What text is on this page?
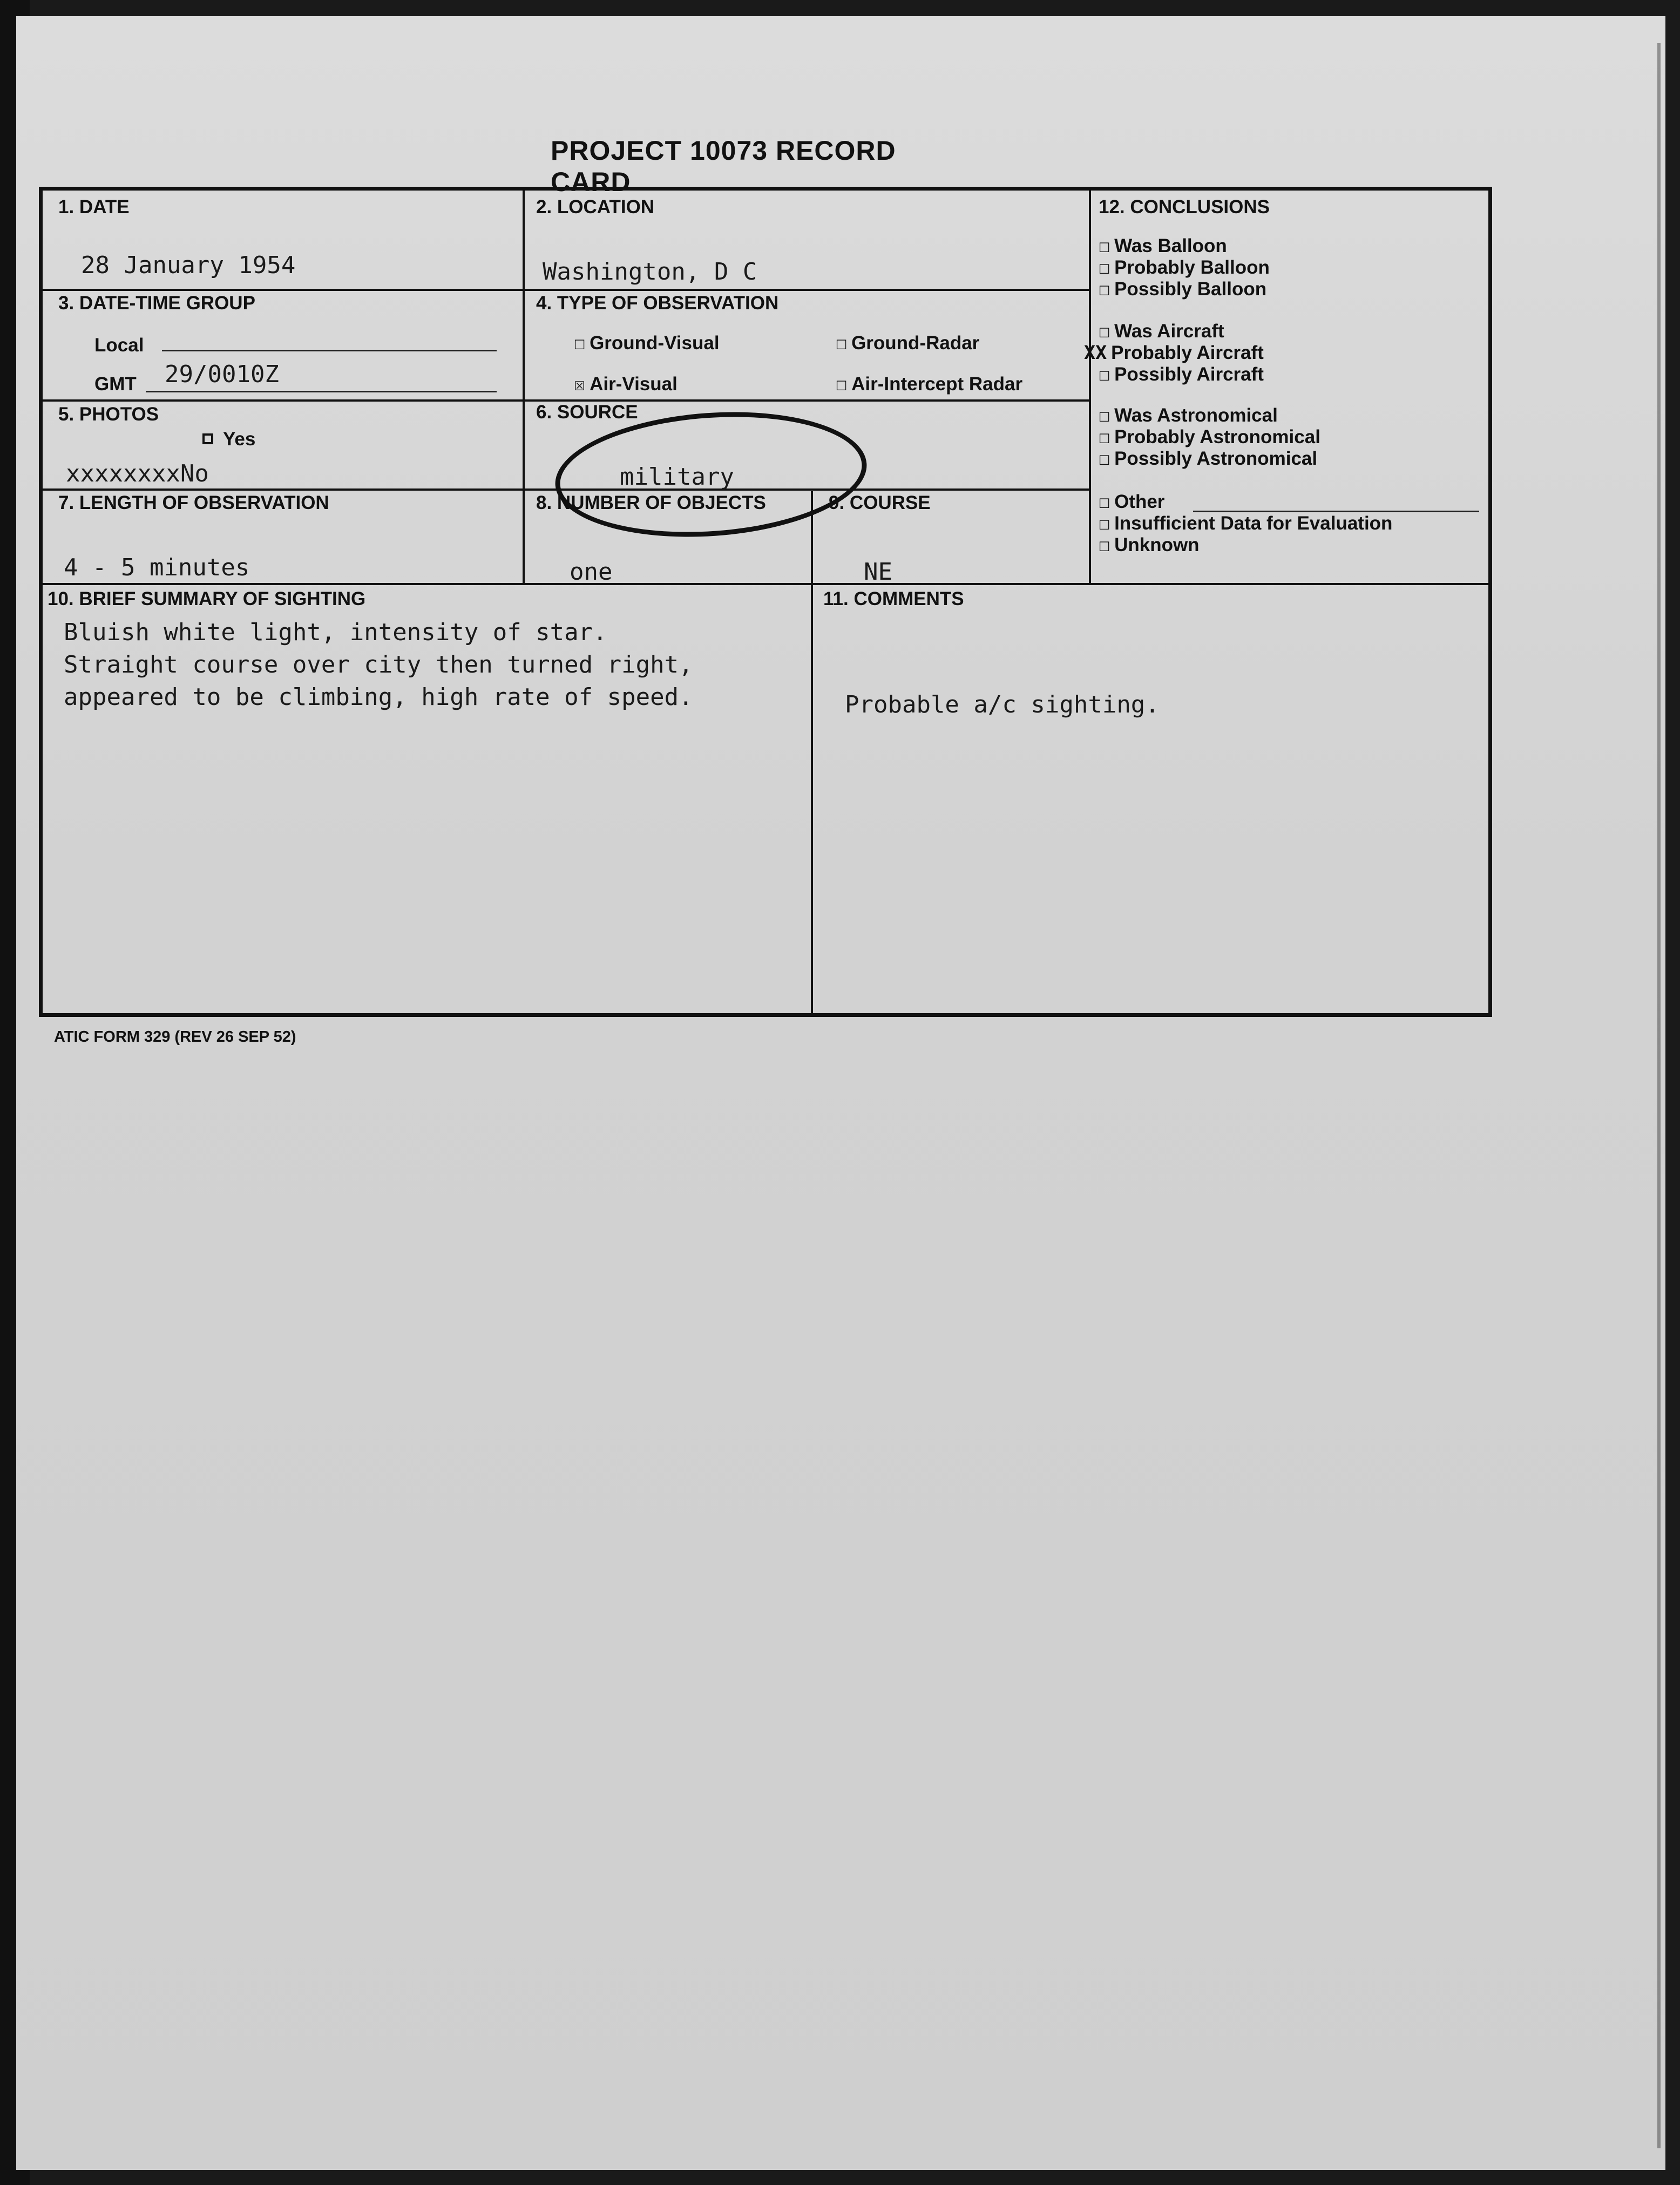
PROJECT 10073 RECORD CARD
1. DATE
28 January 1954
2. LOCATION
Washington, D C
3. DATE-TIME GROUP
Local
GMT 29/0010Z
4. TYPE OF OBSERVATION
☐ Ground-Visual	☐ Ground-Radar
☒ Air-Visual	☐ Air-Intercept Radar
5. PHOTOS
Yes
xxxxxxxxNo
6. SOURCE
military
7. LENGTH OF OBSERVATION
4 - 5 minutes
8. NUMBER OF OBJECTS
one
9. COURSE
NE
10. BRIEF SUMMARY OF SIGHTING
Bluish white light, intensity of star.
Straight course over city then turned right,
appeared to be climbing, high rate of speed.
11. COMMENTS
Probable a/c sighting.
12. CONCLUSIONS
☐ Was Balloon
☐ Probably Balloon
☐ Possibly Balloon
☐ Was Aircraft
XX Probably Aircraft
☐ Possibly Aircraft
☐ Was Astronomical
☐ Probably Astronomical
☐ Possibly Astronomical
☐ Other
☐ Insufficient Data for Evaluation
☐ Unknown
ATIC FORM 329 (REV 26 SEP 52)
